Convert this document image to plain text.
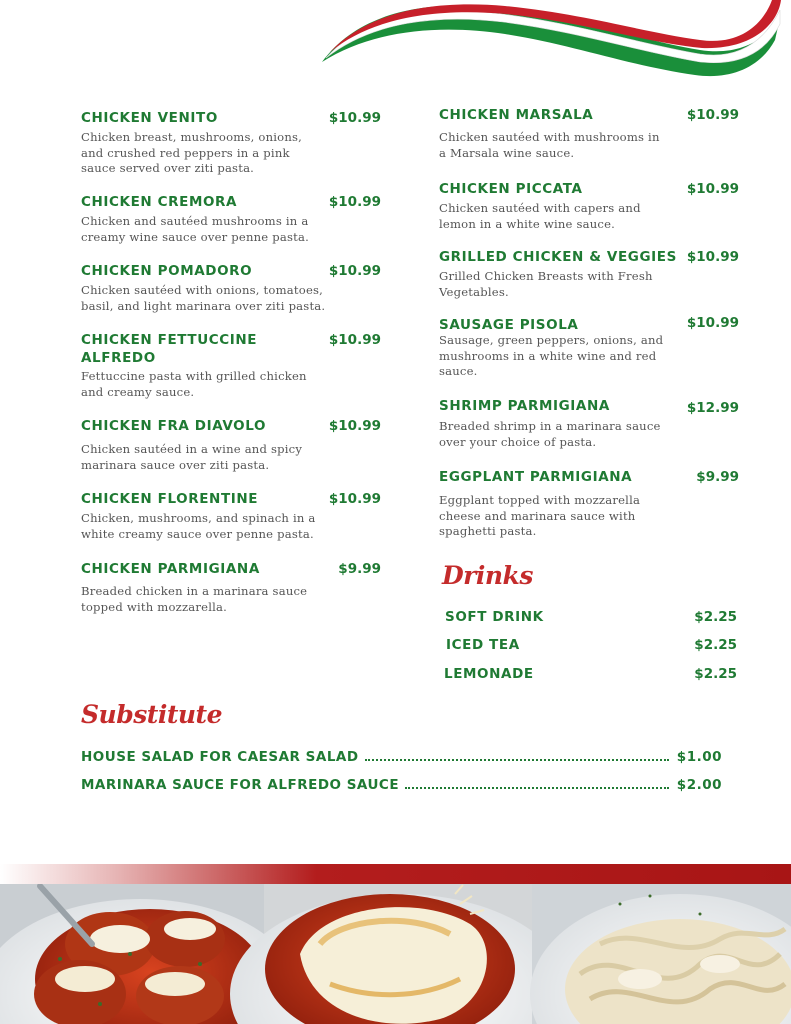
CHICKEN VENITO	$10.99
Chicken breast, mushrooms, onions,
and crushed red peppers in a pink
sauce served over ziti pasta.
CHICKEN CREMORA	$10.99
Chicken and sautéed mushrooms in a
creamy wine sauce over penne pasta.
CHICKEN POMADORO	$10.99
Chicken sautéed with onions, tomatoes,
basil, and light marinara over ziti pasta.
CHICKEN FETTUCCINE
ALFREDO
$10.99
Fettuccine pasta with grilled chicken
and creamy sauce.
CHICKEN FRA DIAVOLO	$10.99
Chicken sautéed in a wine and spicy
marinara sauce over ziti pasta.
CHICKEN FLORENTINE	$10.99
Chicken, mushrooms, and spinach in a
white creamy sauce over penne pasta.
CHICKEN PARMIGIANA	$9.99
Breaded chicken in a marinara sauce
topped with mozzarella.
CHICKEN MARSALA	$10.99
Chicken sautéed with mushrooms in
a Marsala wine sauce.
CHICKEN PICCATA	$10.99
Chicken sautéed with capers and
lemon in a white wine sauce.
GRILLED CHICKEN & VEGGIES $10.99
Grilled Chicken Breasts with Fresh
Vegetables.
SAUSAGE PISOLA	$10.99
Sausage, green peppers, onions, and
mushrooms in a white wine and red
sauce.
SHRIMP PARMIGIANA	$12.99
Breaded shrimp in a marinara sauce
over your choice of pasta.
EGGPLANT PARMIGIANA	$9.99
Eggplant topped with mozzarella
cheese and marinara sauce with
spaghetti pasta.
Drinks
SOFT DRINK	$2.25
ICED TEA	$2.25
LEMONADE	$2.25
Substitute
HOUSE SALAD FOR CAESAR SALAD	$1.00
MARINARA SAUCE FOR ALFREDO SAUCE	$2.00
